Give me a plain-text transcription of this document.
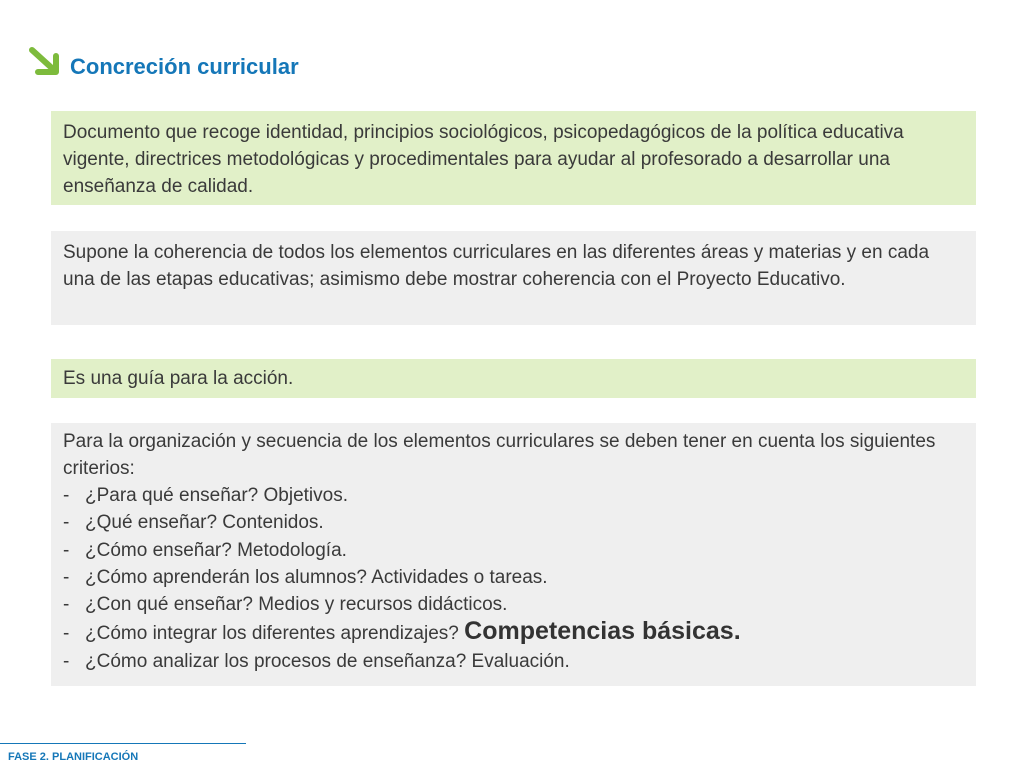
Concreción curricular
Documento que recoge identidad, principios sociológicos, psicopedagógicos de la política educativa vigente, directrices metodológicas y procedimentales para ayudar al profesorado a desarrollar una enseñanza de calidad.
Supone la coherencia de todos los elementos curriculares en las diferentes áreas y materias y en cada una de las etapas educativas; asimismo debe mostrar coherencia con el Proyecto Educativo.
Es una guía para la acción.
Para la organización y secuencia de los elementos curriculares se deben tener en cuenta los siguientes criterios:
- ¿Para qué enseñar? Objetivos.
- ¿Qué enseñar? Contenidos.
- ¿Cómo enseñar? Metodología.
- ¿Cómo aprenderán los alumnos? Actividades o tareas.
- ¿Con qué enseñar? Medios y recursos didácticos.
- ¿Cómo integrar los diferentes aprendizajes? Competencias básicas.
- ¿Cómo analizar los procesos de enseñanza? Evaluación.
FASE 2. PLANIFICACIÓN
